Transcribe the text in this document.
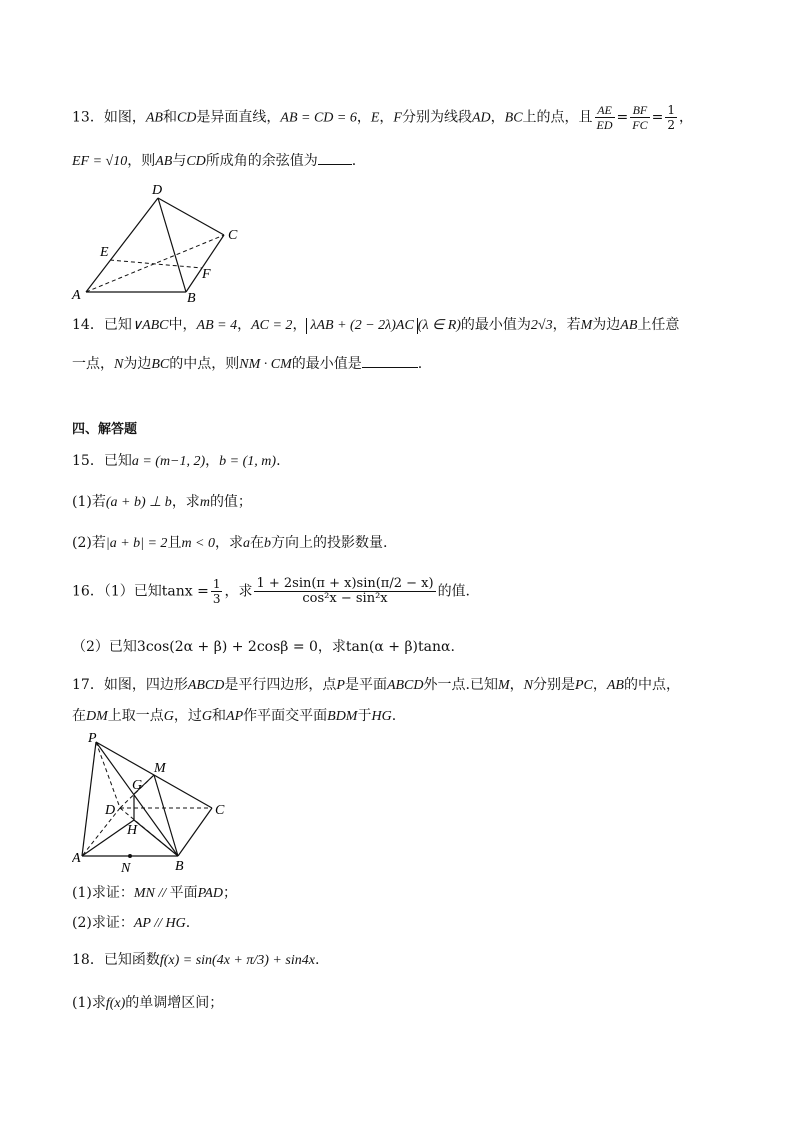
13．如图，AB和CD是异面直线，AB = CD = 6，E，F分别为线段AD，BC上的点，且 $\frac{AE}{ED} = \frac{BF}{FC} = \frac{1}{2}$ ，
EF = √10，则AB与CD所成角的余弦值为 .
D
C
E
F
A	B
14．已知∨ABC中，AB = 4，AC = 2， λAB + (2 − 2λ)AC (λ ∈ R)的最小值为2√3，若M为边AB上任意
一点，N为边BC的中点，则NM · CM的最小值是	.
四、解答题
15．已知a = (m−1, 2)，b = (1, m).
(1)若(a + b) ⊥ b，求m的值；
(2)若|a + b| = 2且m < 0，求a在b方向上的投影数量.
16．（1）已知$\tan x = \frac{1}{3}$ ，求 $\frac{1 + 2\sin(\pi + x)\sin(\pi/2 - x)}{\text{cos²x − sin²x}}$ 的值.
（2）已知3cos(2α + β) + 2cosβ = 0，求tan(α + β)tanα.
17．如图，四边形ABCD是平行四边形，点P是平面ABCD外一点.已知M，N分别是PC，AB的中点，
在DM上取一点G，过G和AP作平面交平面BDM于HG.
P
M
G
D	C
H
A
N	B
(1)求证：MN // 平面PAD；
(2)求证：AP // HG.
18．已知函数f(x) = sin(4x + π/3) + sin4x.
(1)求f(x)的单调增区间；
